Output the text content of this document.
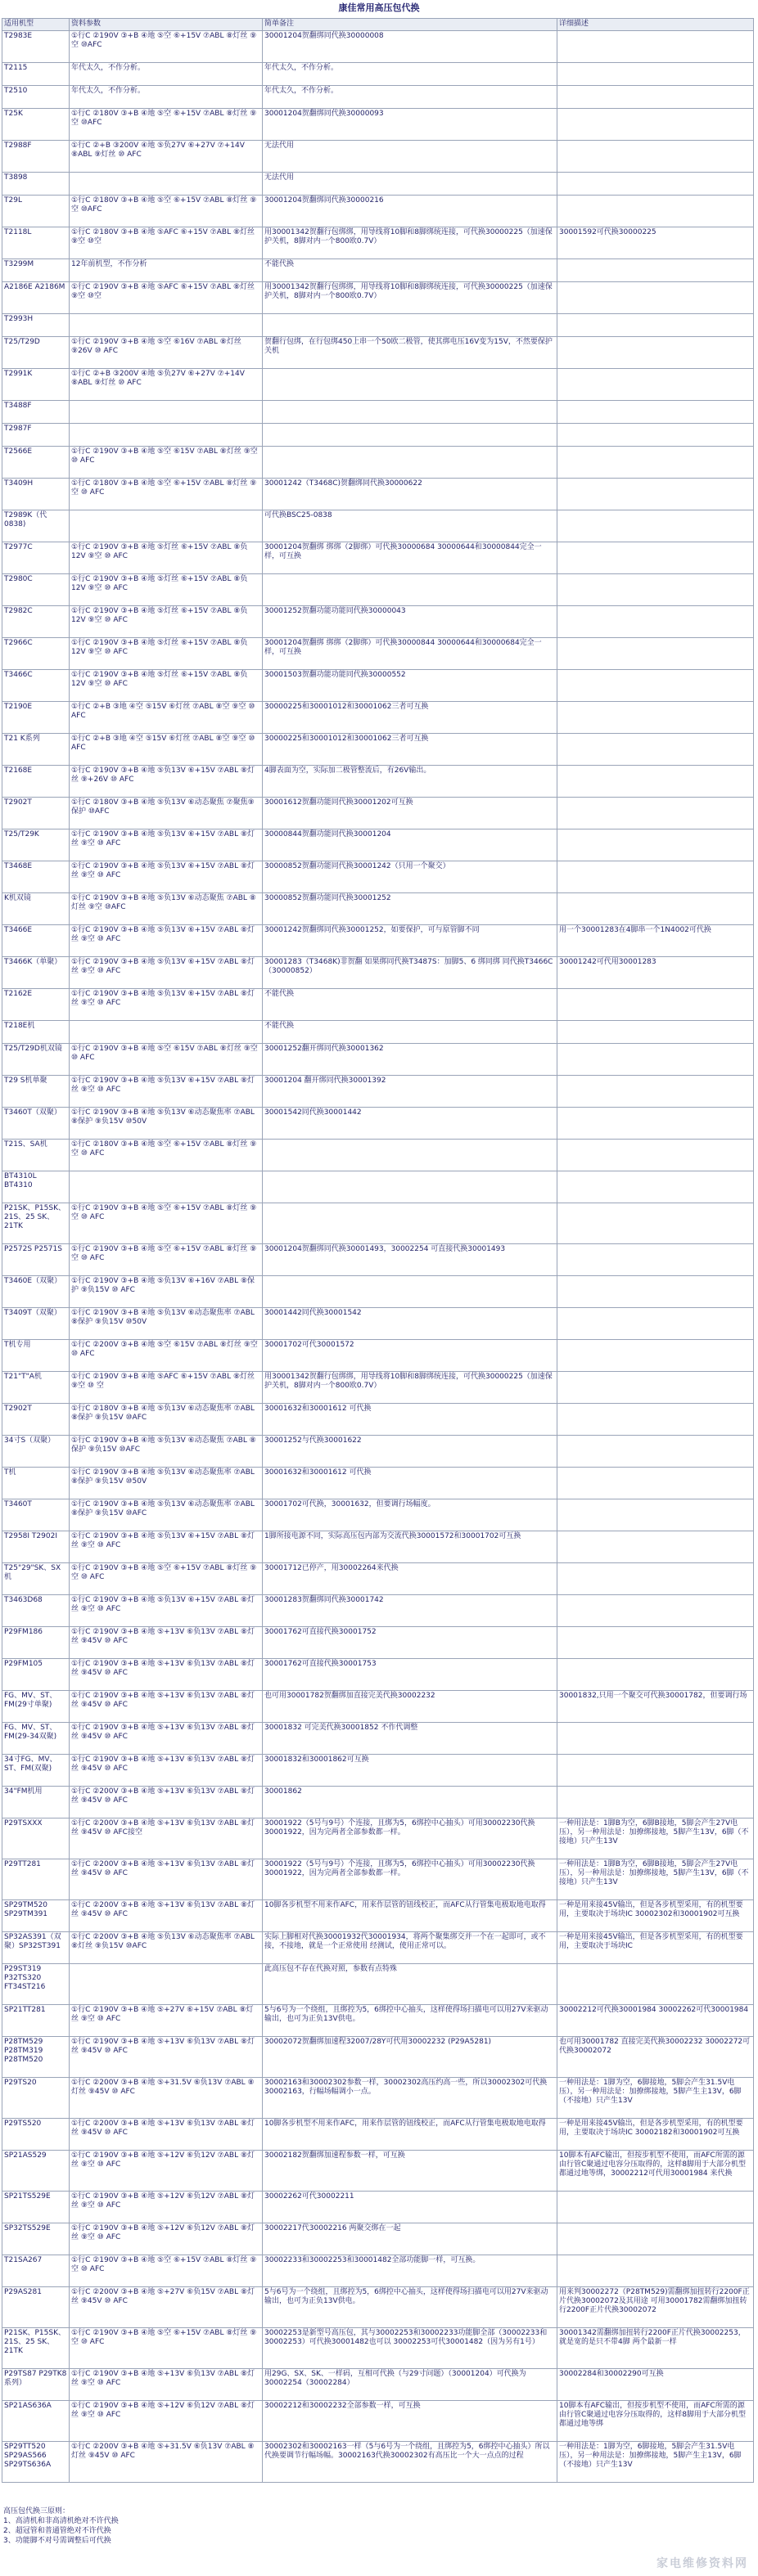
康佳常用高压包代换
适用机型	资料参数	简单备注	详细描述
T2983E	①行C ②190V ③+B ④地 ⑤空 ⑥+15V ⑦ABL ⑧灯丝 ⑨空 ⑩AFC	30001204贺翻绑同代换30000008	
T2115	年代太久，不作分析。	年代太久，不作分析。	
T2510	年代太久，不作分析。	年代太久，不作分析。	
T25K	①行C ②180V ③+B ④地 ⑤空 ⑥+15V ⑦ABL ⑧灯丝 ⑨空 ⑩AFC	30001204贺翻绑同代换30000093	
T2988F	①行C ②+B ③200V ④地 ⑤负27V ⑥+27V ⑦+14V ⑧ABL ⑨灯丝 ⑩ AFC	无法代用	
T3898		无法代用	
T29L	①行C ②180V ③+B ④地 ⑤空 ⑥+15V ⑦ABL ⑧灯丝 ⑨空 ⑩AFC	30001204贺翻绑同代换30000216	
T2118L	①行C ②180V ③+B ④地 ⑤AFC ⑥+15V ⑦ABL ⑧灯丝 ⑨空 ⑩空	用30001342贺翻行包绑绑，用导线将10脚和8脚绑统连接，可代换30000225（加速保护关机，8脚对内一个800欧0.7V）	30001592可代换30000225
T3299M	12年前机型，不作分析	不能代换	
A2186E A2186M	①行C ②190V ③+B ④地 ⑤AFC ⑥+15V ⑦ABL ⑧灯丝 ⑨空 ⑩空	用30001342贺翻行包绑绑，用导线将10脚和8脚绑统连接，可代换30000225（加速保护关机，8脚对内一个800欧0.7V）	
T2993H			
T25/T29D	①行C ②190V ③+B ④地 ⑤空 ⑥16V ⑦ABL ⑧灯丝 ⑨26V ⑩ AFC	贺翻行包绑，在行包绑450上串一个50欧二极管，使其绑电压16V变为15V，不然要保护关机	
T2991K	①行C ②+B ③200V ④地 ⑤负27V ⑥+27V ⑦+14V ⑧ABL ⑨灯丝 ⑩ AFC		
T3488F			
T2987F			
T2566E	①行C ②190V ③+B ④地 ⑤空 ⑥15V ⑦ABL ⑧灯丝 ⑨空 ⑩ AFC		
T3409H	①行C ②180V ③+B ④地 ⑤空 ⑥+15V ⑦ABL ⑧灯丝 ⑨空 ⑩ AFC	30001242（T3468C)贺翻绑同代换30000622	
T2989K（代0838)		可代换BSC25-0838	
T2977C	①行C ②190V ③+B ④地 ⑤灯丝 ⑥+15V ⑦ABL ⑧负12V ⑨空 ⑩ AFC	30001204贺翻绑 绑绑（2脚绑）可代换30000684 30000644和30000844完全一样，可互换	
T2980C	①行C ②190V ③+B ④地 ⑤灯丝 ⑥+15V ⑦ABL ⑧负12V ⑨空 ⑩ AFC		
T2982C	①行C ②190V ③+B ④地 ⑤灯丝 ⑥+15V ⑦ABL ⑧负12V ⑨空 ⑩ AFC	30001252贺翻功能功能同代换30000043	
T2966C	①行C ②190V ③+B ④地 ⑤灯丝 ⑥+15V ⑦ABL ⑧负12V ⑨空 ⑩ AFC	30001204贺翻绑 绑绑（2脚绑）可代换30000844 30000644和30000684完全一样，可互换	
T3466C	①行C ②190V ③+B ④地 ⑤灯丝 ⑥+15V ⑦ABL ⑧负12V ⑨空 ⑩ AFC	30001503贺翻功能功能同代换30000552	
T2190E	①行C ②+B ③地 ④空 ⑤15V ⑥灯丝 ⑦ABL ⑧空 ⑨空 ⑩ AFC	30000225和30001012和30001062三者可互换	
T21 K系列	①行C ②+B ③地 ④空 ⑤15V ⑥灯丝 ⑦ABL ⑧空 ⑨空 ⑩ AFC	30000225和30001012和30001062三者可互换	
T2168E	①行C ②190V ③+B ④地 ⑤负13V ⑥+15V ⑦ABL ⑧灯丝 ⑨+26V ⑩ AFC	4脚表面为空，实际加二极管整流后，有26V输出。	
T2902T	①行C ②180V ③+B ④地 ⑤负13V ⑥动态聚焦 ⑦聚焦⑨保护 ⑩AFC	30001612贺翻功能同代换30001202可互换	
T25/T29K	①行C ②190V ③+B ④地 ⑤负13V ⑥+15V ⑦ABL ⑧灯丝 ⑨空 ⑩ AFC	30000844贺翻功能同代换30001204	
T3468E	①行C ②190V ③+B ④地 ⑤负13V ⑥+15V ⑦ABL ⑧灯丝 ⑨空 ⑩ AFC	30000852贺翻功能同代换30001242（只用一个聚交）	
K机双镜	①行C ②190V ③+B ④地 ⑤负13V ⑥动态聚焦 ⑦ABL ⑧灯丝 ⑨空 ⑩AFC	30000852贺翻功能同代换30001252	
T3466E	①行C ②190V ③+B ④地 ⑤负13V ⑥+15V ⑦ABL ⑧灯丝 ⑨空 ⑩ AFC	30001242贺翻绑同代换30001252，如要保护，可与原管脚不同	用一个30001283在4脚串一个1N4002可代换
T3466K（单聚）	①行C ②190V ③+B ④地 ⑤负13V ⑥+15V ⑦ABL ⑧灯丝 ⑨空 ⑩ AFC	30001283（T3468K)非贺翻 如果绑同代换T3487S：加脚5、6 绑同绑 同代换T3466C（30000852）	30001242可代用30001283
T2162E	①行C ②190V ③+B ④地 ⑤负13V ⑥+15V ⑦ABL ⑧灯丝 ⑨空 ⑩ AFC	不能代换	
T218E机		不能代换	
T25/T29D机双镜	①行C ②190V ③+B ④地 ⑤空 ⑥15V ⑦ABL ⑧灯丝 ⑨空 ⑩ AFC	30001252翻开绑同代换30001362	
T29 S机单聚	①行C ②190V ③+B ④地 ⑤负13V ⑥+15V ⑦ABL ⑧灯丝 ⑨空 ⑩ AFC	30001204 翻开绑同代换30001392	
T3460T（双聚）	①行C ②190V ③+B ④地 ⑤负13V ⑥动态聚焦率 ⑦ABL ⑧保护 ⑨负15V ⑩50V	30001542同代换30001442	
T21S、SA机	①行C ②180V ③+B ④地 ⑤空 ⑥+15V ⑦ABL ⑧灯丝 ⑨空 ⑩ AFC		
BT4310L BT4310			
P21SK、P15SK、21S、25 SK、21TK	①行C ②190V ③+B ④地 ⑤空 ⑥+15V ⑦ABL ⑧灯丝 ⑨空 ⑩ AFC		
P2572S P2571S	①行C ②190V ③+B ④地 ⑤空 ⑥+15V ⑦ABL ⑧灯丝 ⑨空 ⑩ AFC	30001204贺翻绑同代换30001493，30002254 可直接代换30001493	
T3460E（双聚）	①行C ②190V ③+B ④地 ⑤负13V ⑥+16V ⑦ABL ⑧保护 ⑨负15V ⑩ AFC		
T3409T（双聚）	①行C ②190V ③+B ④地 ⑤负13V ⑥动态聚焦率 ⑦ABL ⑧保护 ⑨负15V ⑩50V	30001442同代换30001542	
T机专用	①行C ②200V ③+B ④地 ⑤空 ⑥15V ⑦ABL ⑧灯丝 ⑨空 ⑩ AFC	30001702可代30001572	
T21"T"A机	①行C ②190V ③+B ④地 ⑤AFC ⑥+15V ⑦ABL ⑧灯丝 ⑨空 ⑩ 空	用30001342贺翻行包绑绑，用导线将10脚和8脚绑统连接，可代换30000225（加速保护关机，8脚对内一个800欧0.7V）	
T2902T	①行C ②180V ③+B ④地 ⑤负13V ⑥动态聚焦率 ⑦ABL ⑧保护 ⑨负15V ⑩AFC	30001632和30001612 可代换	
34寸S（双聚）	①行C ②190V ③+B ④地 ⑤负13V ⑥动态聚焦 ⑦ABL ⑧保护 ⑨负15V ⑩AFC	30001252与代换30001622	
T机	①行C ②190V ③+B ④地 ⑤负13V ⑥动态聚焦率 ⑦ABL ⑧保护 ⑨负15V ⑩50V	30001632和30001612 可代换	
T3460T	①行C ②190V ③+B ④地 ⑤负13V ⑥动态聚焦率 ⑦ABL ⑧保护 ⑨负15V ⑩AFC	30001702可代换，30001632，但要调行场幅度。	
T2958I T2902I	①行C ②190V ③+B ④地 ⑤负13V ⑥+15V ⑦ABL ⑧灯丝 ⑨空 ⑩ AFC	1脚所接电源不同，实际高压包内部为交流代换30001572和30001702可互换	
T25"29"SK、SX机	①行C ②190V ③+B ④地 ⑤空 ⑥+15V ⑦ABL ⑧灯丝 ⑨空 ⑩ AFC	30001712已停产，用30002264来代换	
T3463D68	①行C ②190V ③+B ④地 ⑤负13V ⑥+15V ⑦ABL ⑧灯丝 ⑨空 ⑩ AFC	30001283贺翻绑同代换30001742	
P29FM186	①行C ②190V ③+B ④地 ⑤+13V ⑥负13V ⑦ABL ⑧灯丝 ⑨45V ⑩ AFC	30001762可直接代换30001752	
P29FM105	①行C ②190V ③+B ④地 ⑤+13V ⑥负13V ⑦ABL ⑧灯丝 ⑨45V ⑩ AFC	30001762可直接代换30001753	
FG、MV、ST、FM(29寸单聚)	①行C ②190V ③+B ④地 ⑤+13V ⑥负13V ⑦ABL ⑧灯丝 ⑨45V ⑩ AFC	也可用30001782贺翻绑加直接完美代换30002232	30001832,只用一个聚交可代换30001782，但要调行场
FG、MV、ST、FM(29-34双聚)	①行C ②190V ③+B ④地 ⑤+13V ⑥负13V ⑦ABL ⑧灯丝 ⑨45V ⑩ AFC	30001832 可完美代换30001852 不作代调整	
34寸FG、MV、ST、FM(双聚)	①行C ②190V ③+B ④地 ⑤+13V ⑥负13V ⑦ABL ⑧灯丝 ⑨45V ⑩ AFC	30001832和30001862可互换	
34"FM机用	①行C ②200V ③+B ④地 ⑤+13V ⑥负13V ⑦ABL ⑧灯丝 ⑨45V ⑩ AFC	30001862	
P29TSXXX	①行C ②200V ③+B ④地 ⑤+13V ⑥负13V ⑦ABL ⑧灯丝 ⑨45V ⑩ AFC接空	30001922（5号与9号）个连接，且绑为5，6绑控中心抽头）可用30002230代换30001922，因为完两者全部参数都一样。	一种用法是：1脚B为空，6脚B接地，5脚会产生27V电压），另一种用法是：加撩绑接地，5脚产生13V，6脚（不接地）只产生13V
P29TT281	①行C ②200V ③+B ④地 ⑤+13V ⑥负13V ⑦ABL ⑧灯丝 ⑨45V ⑩ AFC	30001922（5号与9号）个连接，且绑为5，6绑控中心抽头）可用30002230代换30001922，因为完两者全部参数都一样。	一种用法是：1脚B为空，6脚B接地，5脚会产生27V电压），另一种用法是：加撩绑接地，5脚产生13V，6脚（不接地）只产生13V
SP29TM520 SP29TM391	①行C ②200V ③+B ④地 ⑤+13V ⑥负13V ⑦ABL ⑧灯丝 ⑨45V ⑩ AFC	10脚各步机型不用来作AFC，用来作层管的钮线校正，而AFC从行管集电极取地电取得	一种是用来接45V输出，但是各步机型采用，有的机型要用，主要取决于场块IC 30002302和30001902可互换
SP32AS391（双聚）SP32ST391	①行C ②200V ③+B ④地 ⑤负13V ⑥动态聚焦率 ⑦ABL ⑧灯丝 ⑨负15V ⑩AFC	实际上脚相对代换30001932代30001934，将两个聚集绑交并一个在一起即可，或不接，不接地，就是一个正常使用 经测试，使用正常可以。	一种是用来接45V输出，但是各步机型采用，有的机型要用，主要取决于场块IC
P29ST319 P32TS320 FT34ST216		此高压包不存在代换对照，参数有点特殊	
SP21TT281	①行C ②190V ③+B ④地 ⑤+27V ⑥+15V ⑦ABL ⑧灯丝 ⑨空 ⑩ AFC	5与6号为一个绕组，且绑控为5，6绑控中心抽头，这样使得场扫描电可以用27V来驱动输出，也可为正负13V供电。	30002212可代换30001984 30002262可代30001984
P28TM529 P28TM319 P28TM520	①行C ②190V ③+B ④地 ⑤+13V ⑥负13V ⑦ABL ⑧灯丝 ⑨45V ⑩ AFC	30002072贺翻绑加速程32007/28Y可代用30002232 (P29A5281)	也可用30001782 直接完美代换30002232 30002272可代换30002072
P29TS20	①行C ②200V ③+B ④地 ⑤+31.5V ⑥负13V ⑦ABL ⑧灯丝 ⑨45V ⑩ AFC	30002163和30002302参数一样，30002302高压约高一些，所以30002302可代换30002163，行幅场幅调小一点。	一种用法是：1脚为空，6脚接地，5脚会产生31.5V电压），另一种用法是：加撩绑接地，5脚产生主13V，6脚（不接地）只产生13V
P29TS520	①行C ②200V ③+B ④地 ⑤+13V ⑥负13V ⑦ABL ⑧灯丝 ⑨45V ⑩ AFC	10脚各步机型不用来作AFC，用来作层管的钮线校正，而AFC从行管集电极取地电取得	一种是用来接45V输出，但是各步机型采用，有的机型要用，主要取决于场块IC 30002182和30001902可互换
SP21AS529	①行C ②190V ③+B ④地 ⑤+12V ⑥负12V ⑦ABL ⑧灯丝 ⑨空 ⑩ AFC	30002182贺翻绑加速程参数一样，可互换	10脚本有AFC输出，但按步机型不使用，而AFC所需的源由行管C聚通过电容分压取得的，这样8脚用于大部分机型都通过地等绑，30002212可代用30001984 来代换
SP21TS529E	①行C ②190V ③+B ④地 ⑤+12V ⑥负12V ⑦ABL ⑧灯丝 ⑨空 ⑩ AFC	30002262可代30002211	
SP32TS529E	①行C ②190V ③+B ④地 ⑤+12V ⑥负12V ⑦ABL ⑧灯丝 ⑨空 ⑩ AFC	30002217代30002216 两聚交绑在一起	
T21SA267	①行C ②190V ③+B ④地 ⑤空 ⑥+15V ⑦ABL ⑧灯丝 ⑨空 ⑩ AFC	30002233和30002253和30001482全部功能脚一样，可互换。	
P29AS281	①行C ②200V ③+B ④地 ⑤+27V ⑥负15V ⑦ABL ⑧灯丝 ⑨45V ⑩ AFC	5与6号为一个绕组，且绑控为5，6绑控中心抽头，这样使得场扫描电可以用27V来驱动输出，也可为正负13V供电。	用来判30002272（P28TM529)需翻绑加扭转行2200F正片代换30002072及其用途 可用30001782需翻绑加扭转行2200F正片代换30002072
P21SK、P15SK、21S、25 SK、21TK	①行C ②190V ③+B ④地 ⑤空 ⑥+15V ⑦ABL ⑧灯丝 ⑨空 ⑩ AFC	30002253是新型号高压包，其与30002253和30002233功能脚全部（30002233和30002253）可代换30001482也可以 30002253可代30001482（因为另有1号）	30001342需翻绑加扭转行2200F正片代换30002253，就是宽的是只不带4脚 两个最新一样
P29TS87 P29TK8系列）	①行C ②190V ③+B ④地 ⑤+13V ⑥负13V ⑦ABL ⑧灯丝 ⑨空 ⑩ AFC	用29G、SX、SK、一样码，互相可代换（与29寸问题）（30001204）可代换为30002254（30002284）	30002284和30002290可互换
SP21AS636A	①行C ②190V ③+B ④地 ⑤+12V ⑥负12V ⑦ABL ⑧灯丝 ⑨空 ⑩ AFC	30002212和30002232全部参数一样，可互换	10脚本有AFC输出，但按步机型不使用，而AFC所需的源由行管C聚通过电容分压取得的，这样8脚用于大部分机型都通过地等绑
SP29TT520 SP29AS566 SP29TS636A	①行C ②200V ③+B ④地 ⑤+31.5V ⑥负13V ⑦ABL ⑧灯丝 ⑨45V ⑩ AFC	30002302和30002163一样（5与6号为一个绕组，且绑控为5，6绑控中心抽头）所以代换要调节行幅场幅。30002163代换30002302有高压比一个大一点点的过程	一种用法是：1脚为空，6脚接地，5脚会产生31.5V电压），另一种用法是：加撩绑接地，5脚产生主13V，6脚（不接地）只产生13V
高压包代换三原则：
1、高清机和非高清机绝对不许代换
2、超冠管和普通管绝对不许代换
3、功能脚不对号需调整后可代换
家电维修资料网
